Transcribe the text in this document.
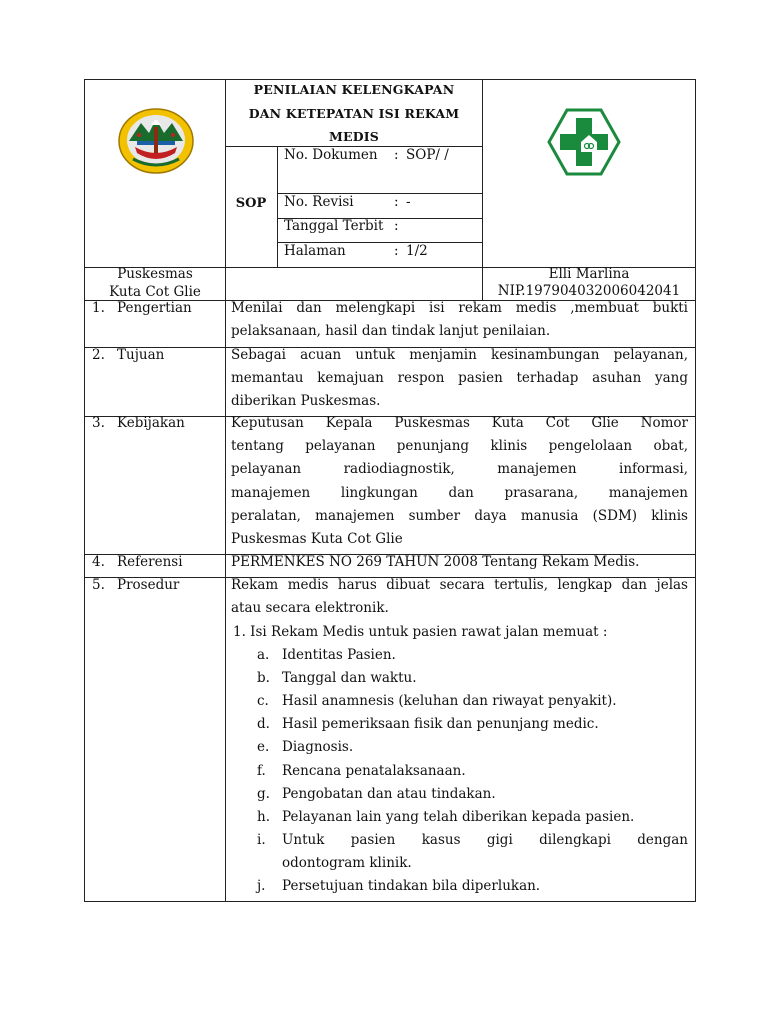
PENILAIAN KELENGKAPAN
DAN KETEPATAN ISI REKAM
MEDIS
SOP
No. Dokumen : SOP/ /
No. Revisi	: -
Tanggal Terbit :
Halaman	: 1/2
Puskesmas
Kuta Cot Glie
Elli Marlina
NIP.197904032006042041
1. Pengertian
2. Tujuan
3. Kebijakan
4. Referensi
5. Prosedur
Menilai dan melengkapi isi rekam medis ,membuat bukti
pelaksanaan, hasil dan tindak lanjut penilaian.
Sebagai acuan untuk menjamin kesinambungan pelayanan,
memantau kemajuan respon pasien terhadap asuhan yang
diberikan Puskesmas.
Keputusan Kepala Puskesmas Kuta Cot Glie Nomor
tentang pelayanan penunjang klinis pengelolaan obat,
pelayanan radiodiagnostik, manajemen informasi,
manajemen lingkungan dan prasarana, manajemen
peralatan, manajemen sumber daya manusia (SDM) klinis
Puskesmas Kuta Cot Glie
PERMENKES NO 269 TAHUN 2008 Tentang Rekam Medis.
Rekam medis harus dibuat secara tertulis, lengkap dan jelas
atau secara elektronik.
1. Isi Rekam Medis untuk pasien rawat jalan memuat :
a. Identitas Pasien.
b. Tanggal dan waktu.
c. Hasil anamnesis (keluhan dan riwayat penyakit).
d. Hasil pemeriksaan fisik dan penunjang medic.
e. Diagnosis.
f. Rencana penatalaksanaan.
g. Pengobatan dan atau tindakan.
h. Pelayanan lain yang telah diberikan kepada pasien.
i. Untuk pasien kasus gigi dilengkapi dengan
odontogram klinik.
j. Persetujuan tindakan bila diperlukan.
